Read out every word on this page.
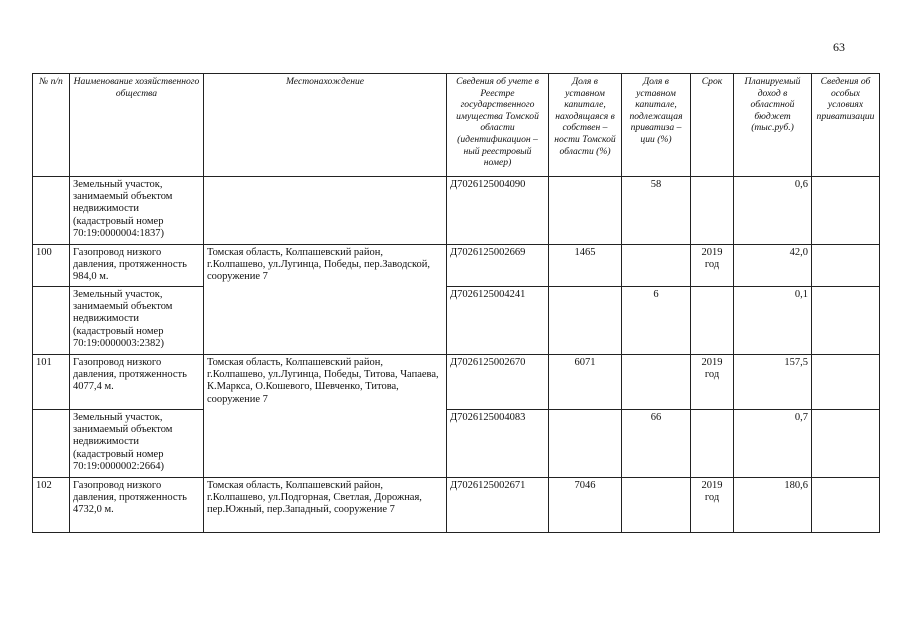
63
№ п/п	Наименование хозяйственного общества	Местонахождение	Сведения об учете в Реестре государственного имущества Томской области (идентификацион – ный реестровый номер)	Доля в уставном капитале, находящаяся в собствен – ности Томской области (%)	Доля в уставном капитале, подлежащая приватиза – ции (%)	Срок	Планируемый доход в областной бюджет (тыс.руб.)	Сведения об особых условиях приватизации
	Земельный участок, занимаемый объектом недвижимости (кадастровый номер 70:19:0000004:1837)		Д7026125004090		58		0,6	
100	Газопровод низкого давления, протяженность 984,0 м.	Томская область, Колпашевский район, г.Колпашево, ул.Лугинца, Победы, пер.Заводской, сооружение 7	Д7026125002669	1465		2019 год	42,0	
	Земельный участок, занимаемый объектом недвижимости (кадастровый номер 70:19:0000003:2382)		Д7026125004241		6		0,1	
101	Газопровод низкого давления, протяженность 4077,4 м.	Томская область, Колпашевский район, г.Колпашево, ул.Лугинца, Победы, Титова, Чапаева, К.Маркса, О.Кошевого, Шевченко, Титова, сооружение 7	Д7026125002670	6071		2019 год	157,5	
	Земельный участок, занимаемый объектом недвижимости (кадастровый номер 70:19:0000002:2664)		Д7026125004083		66		0,7	
102	Газопровод низкого давления, протяженность 4732,0 м.	Томская область, Колпашевский район, г.Колпашево, ул.Подгорная, Светлая, Дорожная, пер.Южный, пер.Западный, сооружение 7	Д7026125002671	7046		2019 год	180,6	
